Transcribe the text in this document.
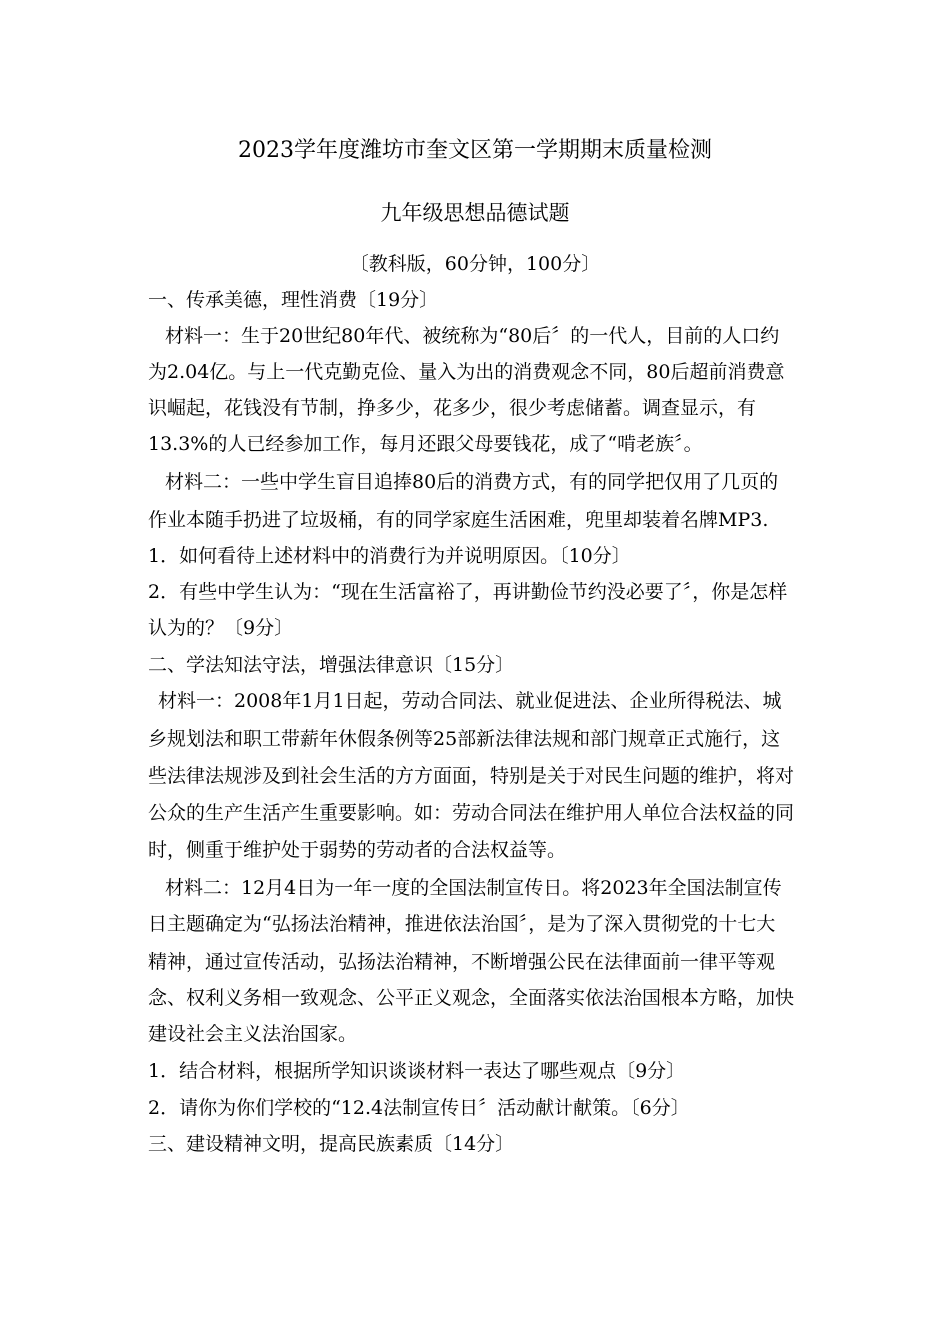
2023学年度潍坊市奎文区第一学期期末质量检测
九年级思想品德试题
〔教科版，60分钟，100分〕
一、传承美德，理性消费〔19分〕
材料一：生于20世纪80年代、被统称为“80后〞的一代人，目前的人口约
为2.04亿。与上一代克勤克俭、量入为出的消费观念不同，80后超前消费意
识崛起，花钱没有节制，挣多少，花多少，很少考虑储蓄。调查显示，有
13.3%的人已经参加工作，每月还跟父母要钱花，成了“啃老族〞。
材料二：一些中学生盲目追捧80后的消费方式，有的同学把仅用了几页的
作业本随手扔进了垃圾桶，有的同学家庭生活困难，兜里却装着名牌MP3.
1．如何看待上述材料中的消费行为并说明原因。〔10分〕
2．有些中学生认为：“现在生活富裕了，再讲勤俭节约没必要了〞，你是怎样
认为的？〔9分〕
二、学法知法守法，增强法律意识〔15分〕
材料一：2008年1月1日起，劳动合同法、就业促进法、企业所得税法、城
乡规划法和职工带薪年休假条例等25部新法律法规和部门规章正式施行，这
些法律法规涉及到社会生活的方方面面，特别是关于对民生问题的维护，将对
公众的生产生活产生重要影响。如：劳动合同法在维护用人单位合法权益的同
时，侧重于维护处于弱势的劳动者的合法权益等。
材料二：12月4日为一年一度的全国法制宣传日。将2023年全国法制宣传
日主题确定为“弘扬法治精神，推进依法治国〞，是为了深入贯彻党的十七大
精神，通过宣传活动，弘扬法治精神，不断增强公民在法律面前一律平等观
念、权利义务相一致观念、公平正义观念，全面落实依法治国根本方略，加快
建设社会主义法治国家。
1．结合材料，根据所学知识谈谈材料一表达了哪些观点〔9分〕
2．请你为你们学校的“12.4法制宣传日〞活动献计献策。〔6分〕
三、建设精神文明，提高民族素质〔14分〕
